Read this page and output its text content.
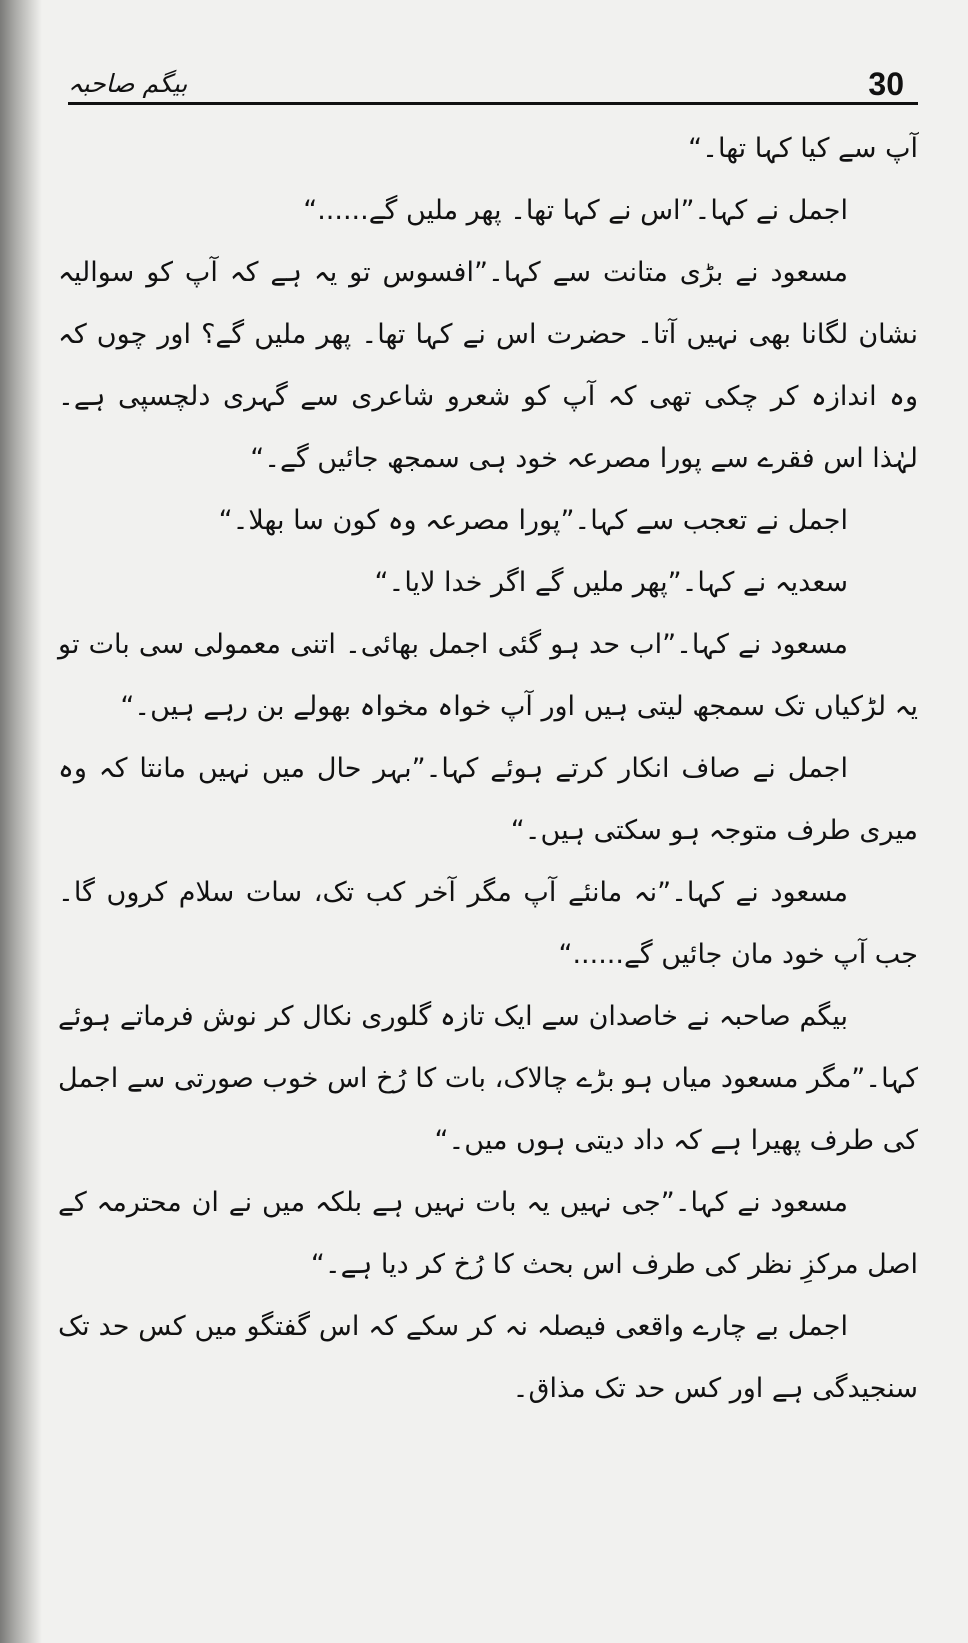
بیگم صاحبہ	30

آپ سے کیا کہا تھا۔“

اجمل نے کہا۔”اس نے کہا تھا۔ پھر ملیں گے......“

مسعود نے بڑی متانت سے کہا۔”افسوس تو یہ ہے کہ آپ کو سوالیہ نشان لگانا بھی نہیں آتا۔ حضرت اس نے کہا تھا۔ پھر ملیں گے؟ اور چوں کہ وہ اندازہ کر چکی تھی کہ آپ کو شعرو شاعری سے گہری دلچسپی ہے۔ لہٰذا اس فقرے سے پورا مصرعہ خود ہی سمجھ جائیں گے۔“

اجمل نے تعجب سے کہا۔”پورا مصرعہ وہ کون سا بھلا۔“

سعدیہ نے کہا۔”پھر ملیں گے اگر خدا لایا۔“

مسعود نے کہا۔”اب حد ہو گئی اجمل بھائی۔ اتنی معمولی سی بات تو یہ لڑکیاں تک سمجھ لیتی ہیں اور آپ خواہ مخواہ بھولے بن رہے ہیں۔“

اجمل نے صاف انکار کرتے ہوئے کہا۔”بہر حال میں نہیں مانتا کہ وہ میری طرف متوجہ ہو سکتی ہیں۔“

مسعود نے کہا۔”نہ مانئے آپ مگر آخر کب تک، سات سلام کروں گا۔ جب آپ خود مان جائیں گے......“

بیگم صاحبہ نے خاصدان سے ایک تازہ گلوری نکال کر نوش فرماتے ہوئے کہا۔”مگر مسعود میاں ہو بڑے چالاک، بات کا رُخ اس خوب صورتی سے اجمل کی طرف پھیرا ہے کہ داد دیتی ہوں میں۔“

مسعود نے کہا۔”جی نہیں یہ بات نہیں ہے بلکہ میں نے ان محترمہ کے اصل مرکزِ نظر کی طرف اس بحث کا رُخ کر دیا ہے۔“

اجمل بے چارے واقعی فیصلہ نہ کر سکے کہ اس گفتگو میں کس حد تک سنجیدگی ہے اور کس حد تک مذاق۔
